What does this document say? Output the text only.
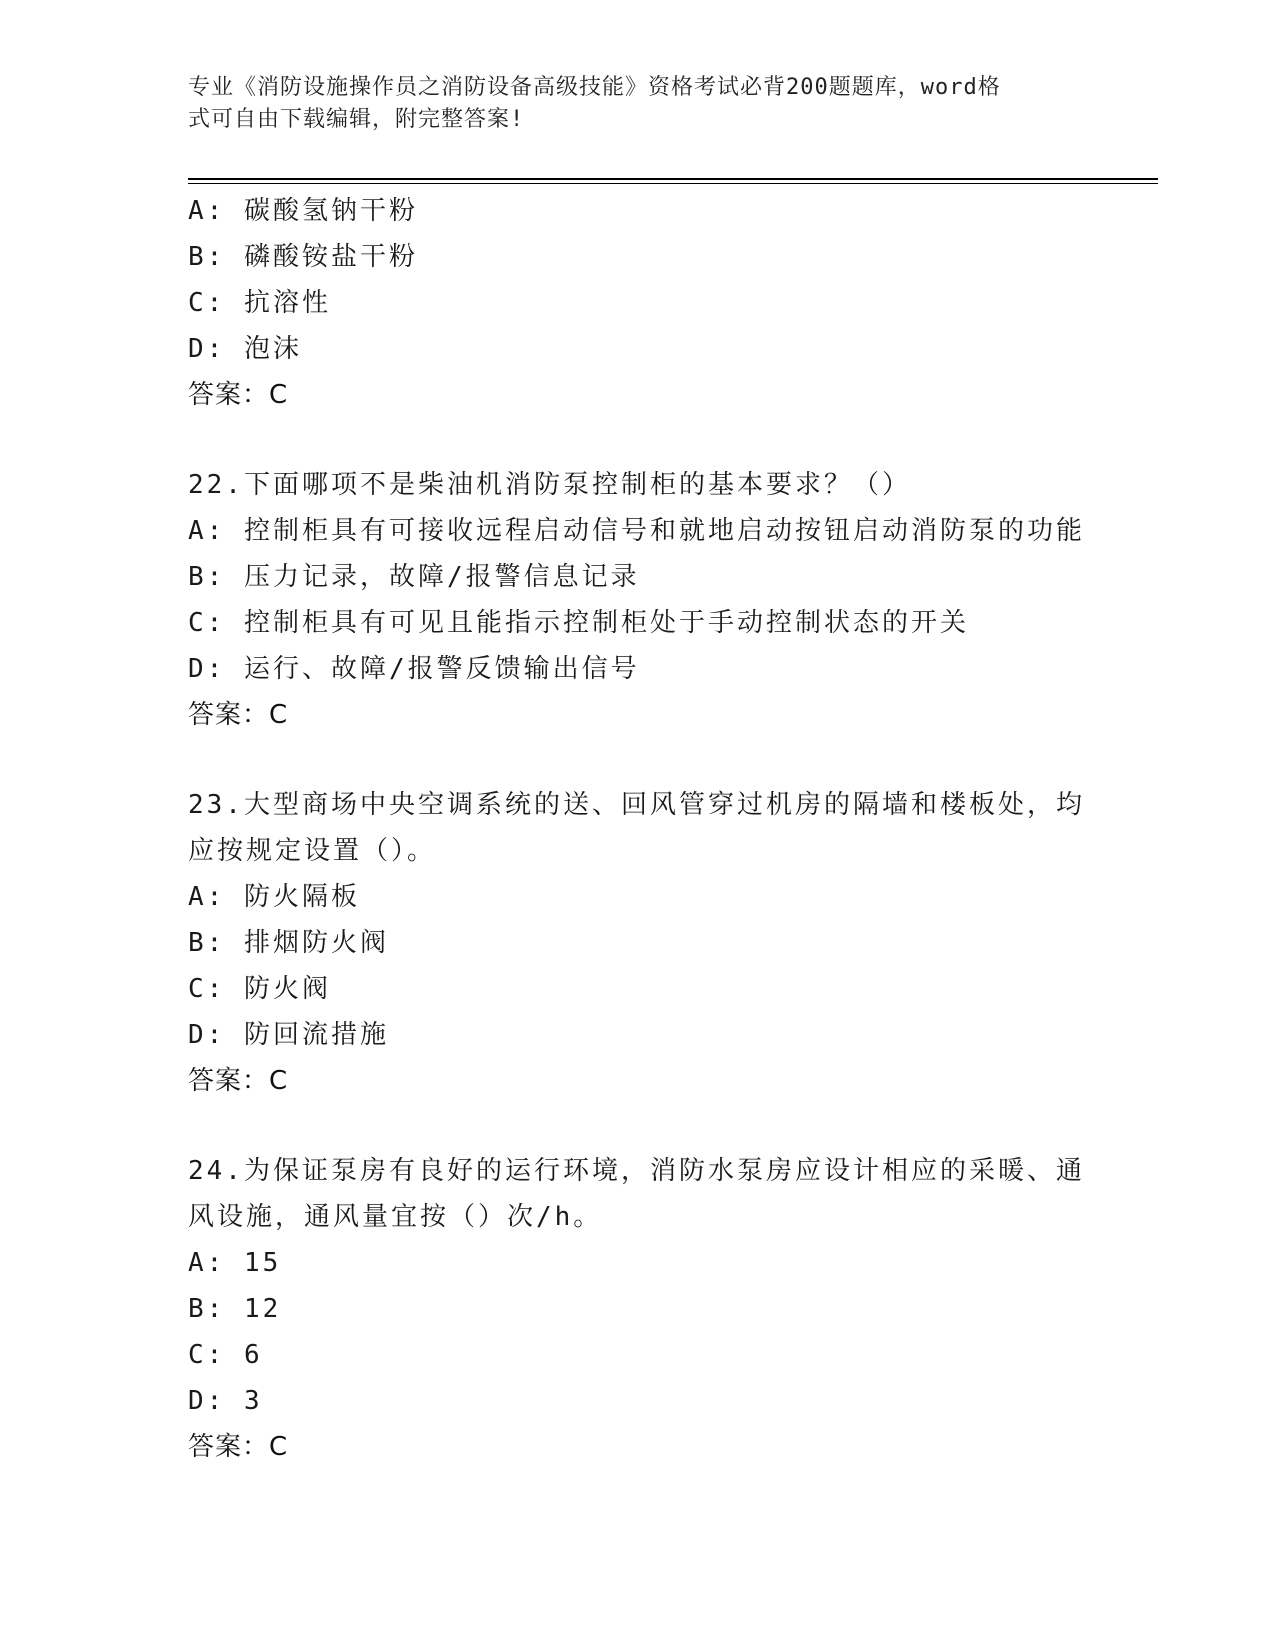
专业《消防设施操作员之消防设备高级技能》资格考试必背200题题库，word格
式可自由下载编辑，附完整答案!
A: 碳酸氢钠干粉
B: 磷酸铵盐干粉
C: 抗溶性
D: 泡沫
答案：C
22.下面哪项不是柴油机消防泵控制柜的基本要求？（）
A: 控制柜具有可接收远程启动信号和就地启动按钮启动消防泵的功能
B: 压力记录，故障/报警信息记录
C: 控制柜具有可见且能指示控制柜处于手动控制状态的开关
D: 运行、故障/报警反馈输出信号
答案：C
23.大型商场中央空调系统的送、回风管穿过机房的隔墙和楼板处，均
应按规定设置（）。
A: 防火隔板
B: 排烟防火阀
C: 防火阀
D: 防回流措施
答案：C
24.为保证泵房有良好的运行环境，消防水泵房应设计相应的采暖、通
风设施，通风量宜按（）次/h。
A: 15
B: 12
C: 6
D: 3
答案：C
